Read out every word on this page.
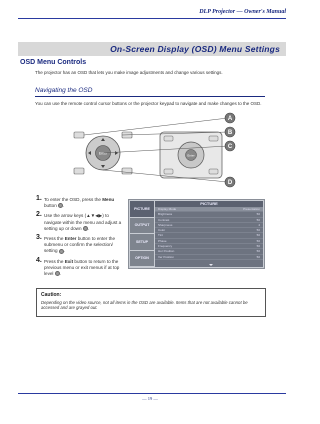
DLP Projector — Owner's Manual
On-Screen Display (OSD) Menu Settings
OSD Menu Controls
The projector has an OSD that lets you make image adjustments and change various settings.
Navigating the OSD
You can use the remote control cursor buttons or the projector keypad to navigate and make changes to the OSD.
Enter	Enter
A
B
C
D
1. To enter the OSD, press the Menu button .
2. Use the arrow keys (▲▼◀▶) to navigate within the menu and adjust a setting up or down .
3. Press the Enter button to enter the submenu or confirm the selection/ setting .
4. Press the Exit button to return to the previous menu or exit menus if at top level .
PICTURE
OUTPUT
SETUP
OPTION
PICTURE
Display Mode	Presentation
Brightness	50
Contrast	50
Sharpness	4
Color	50
Tint	50
Phase	50
Frequency	50
Hor Position	50
Ver Position	50
Caution:
Depending on the video source, not all items in the OSD are available. Items that are not available cannot be accessed and are grayed out.
— 19 —
